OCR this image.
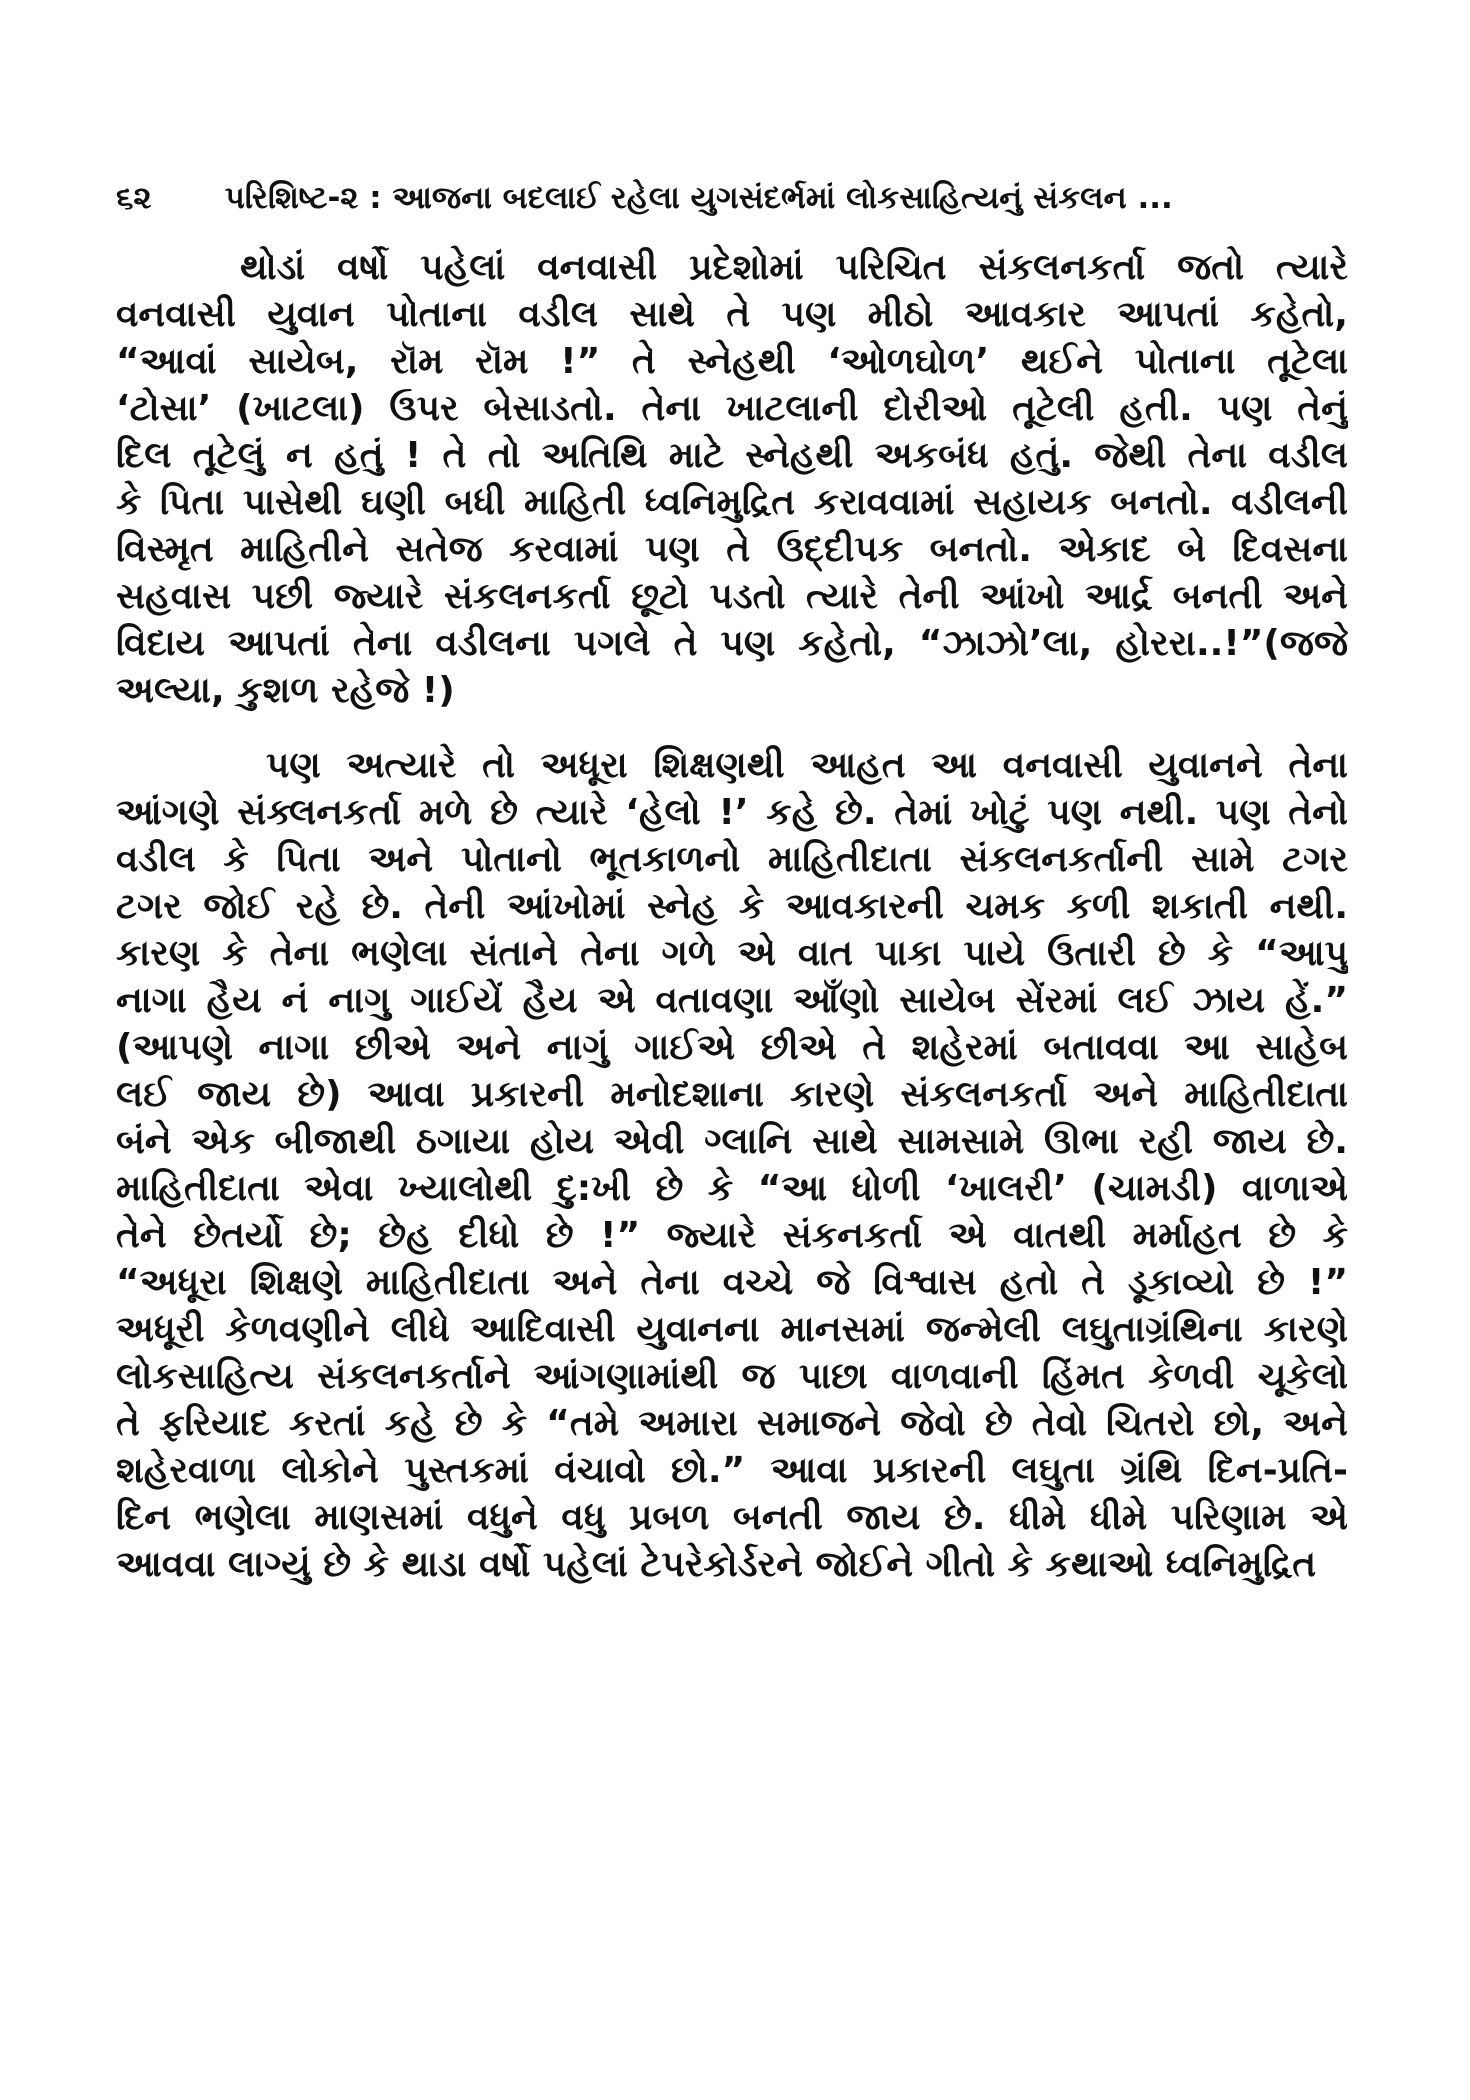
૬૨ પરિશિષ્ટ-૨ : આજના બદલાઈ રહેલા યુગસંદર્ભમાં લોકસાહિત્યનું સંકલન ...
થોડાં વર્ષો પહેલાં વનવાસી પ્રદેશોમાં પરિચિત સંકલનકર્તા જતો ત્યારે
વનવાસી યુવાન પોતાના વડીલ સાથે તે પણ મીઠો આવકાર આપતાં કહેતો,
“આવાં સાયેબ, રૉમ રૉમ !” તે સ્નેહથી ‘ઓળઘોળ’ થઈને પોતાના તૂટેલા
‘ટોસા’ (ખાટલા) ઉપર બેસાડતો. તેના ખાટલાની દોરીઓ તૂટેલી હતી. પણ તેનું
દિલ તૂટેલું ન હતું ! તે તો અતિથિ માટે સ્નેહથી અકબંધ હતું. જેથી તેના વડીલ
કે પિતા પાસેથી ઘણી બધી માહિતી ધ્વનિમુદ્રિત કરાવવામાં સહાયક બનતો. વડીલની
વિસ્મૃત માહિતીને સતેજ કરવામાં પણ તે ઉદ્દીપક બનતો. એકાદ બે દિવસના
સહવાસ પછી જ્યારે સંકલનકર્તા છૂટો પડતો ત્યારે તેની આંખો આર્દ્ર બનતી અને
વિદાય આપતાં તેના વડીલના પગલે તે પણ કહેતો, “ઝાઝો’લા, હોરરા..!”(જજે
અલ્યા, કુશળ રહેજે !)
પણ અત્યારે તો અધૂરા શિક્ષણથી આહત આ વનવાસી યુવાનને તેના
આંગણે સંક્લનકર્તા મળે છે ત્યારે ‘હેલો !’ કહે છે. તેમાં ખોટું પણ નથી. પણ તેનો
વડીલ કે પિતા અને પોતાનો ભૂતકાળનો માહિતીદાતા સંકલનકર્તાની સામે ટગર
ટગર જોઈ રહે છે. તેની આંખોમાં સ્નેહ કે આવકારની ચમક કળી શકાતી નથી.
કારણ કે તેના ભણેલા સંતાને તેના ગળે એ વાત પાકા પાયે ઉતારી છે કે “આપુ
નાગા હૈય નં નાગુ ગાઈયેં હૈય એ વતાવણા આઁણો સાયેબ સેંરમાં લઈ ઝાય હેં.”
(આપણે નાગા છીએ અને નાગું ગાઈએ છીએ તે શહેરમાં બતાવવા આ સાહેબ
લઈ જાય છે) આવા પ્રકારની મનોદશાના કારણે સંકલનકર્તા અને માહિતીદાતા
બંને એક બીજાથી ઠગાયા હોય એવી ગ્લાનિ સાથે સામસામે ઊભા રહી જાય છે.
માહિતીદાતા એવા ખ્યાલોથી દુ:ખી છે કે “આ ધોળી ‘ખાલરી’ (ચામડી) વાળાએ
તેને છેતર્યો છે; છેહ દીધો છે !” જ્યારે સંકનકર્તા એ વાતથી મર્માહત છે કે
“અધૂરા શિક્ષણે માહિતીદાતા અને તેના વચ્ચે જે વિશ્વાસ હતો તે ડૂકાવ્યો છે !”
અધૂરી કેળવણીને લીધે આદિવાસી યુવાનના માનસમાં જન્મેલી લઘુતાગ્રંથિના કારણે
લોકસાહિત્ય સંકલનકર્તાને આંગણામાંથી જ પાછા વાળવાની હિંમત કેળવી ચૂકેલો
તે ફરિયાદ કરતાં કહે છે કે “તમે અમારા સમાજને જેવો છે તેવો ચિતરો છો, અને
શહેરવાળા લોકોને પુસ્તકમાં વંચાવો છો.” આવા પ્રકારની લઘુતા ગ્રંથિ દિન-પ્રતિ-
દિન ભણેલા માણસમાં વધુને વધુ પ્રબળ બનતી જાય છે. ધીમે ધીમે પરિણામ એ
આવવા લાગ્યું છે કે થાડા વર્ષો પહેલાં ટેપરેકોર્ડરને જોઈને ગીતો કે કથાઓ ધ્વનિમુદ્રિત
